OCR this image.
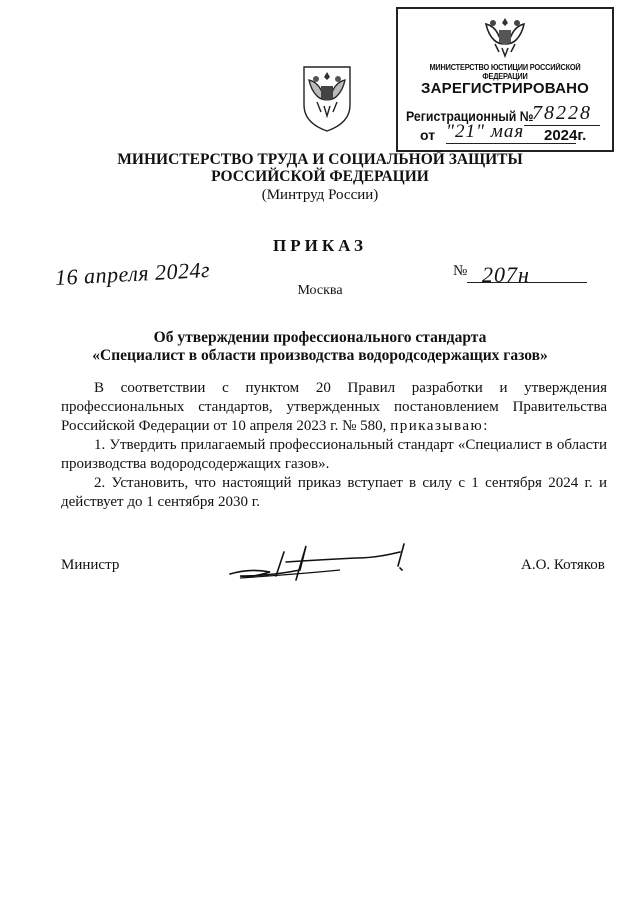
МИНИСТЕРСТВО ЮСТИЦИИ РОССИЙСКОЙ ФЕДЕРАЦИИ
ЗАРЕГИСТРИРОВАНО
Регистрационный №
78228
от "21" мая	2024г.
МИНИСТЕРСТВО ТРУДА И СОЦИАЛЬНОЙ ЗАЩИТЫ
РОССИЙСКОЙ ФЕДЕРАЦИИ
(Минтруд России)
ПРИКАЗ
16 апреля 2024г	№ 207н
Москва
Об утверждении профессионального стандарта
«Специалист в области производства водородсодержащих газов»

В соответствии с пунктом 20 Правил разработки и утверждения профессиональных стандартов, утвержденных постановлением Правительства Российской Федерации от 10 апреля 2023 г. № 580, приказываю:

1. Утвердить прилагаемый профессиональный стандарт «Специалист в области производства водородсодержащих газов».

2. Установить, что настоящий приказ вступает в силу с 1 сентября 2024 г. и действует до 1 сентября 2030 г.

Министр	А.О. Котяков
